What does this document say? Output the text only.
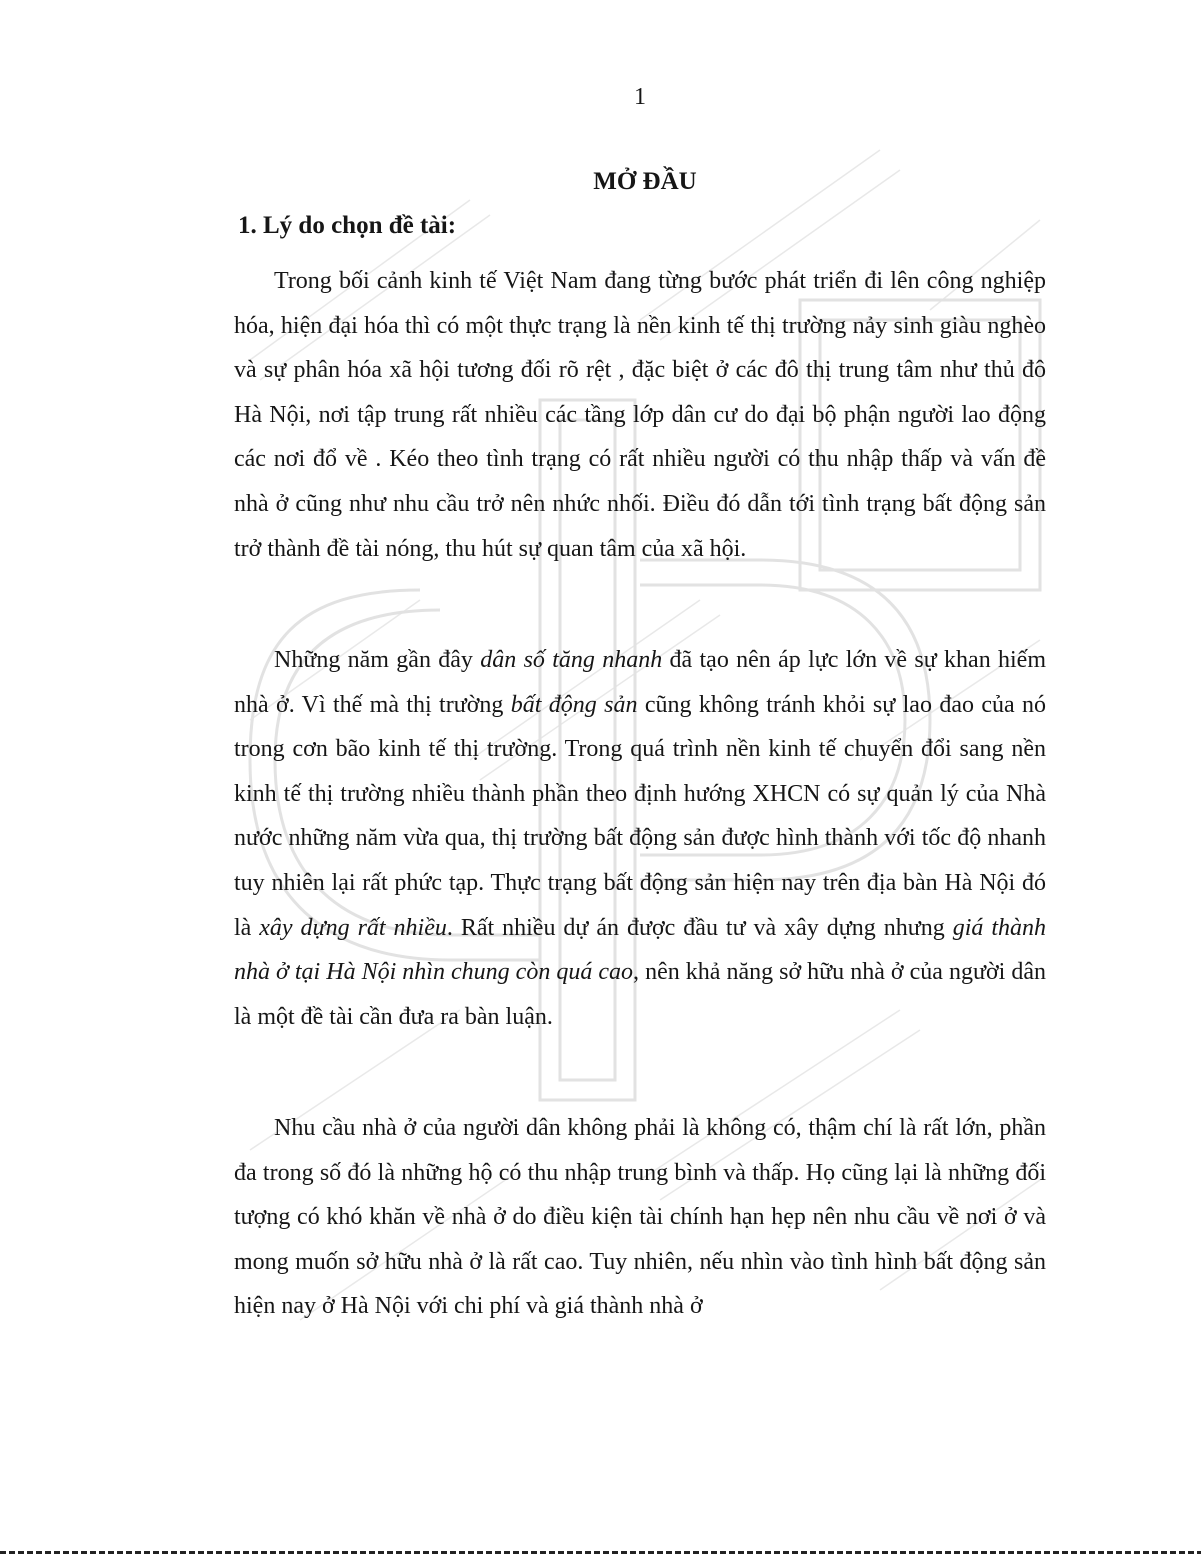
1
MỞ ĐẦU
1. Lý do chọn đề tài:

Trong bối cảnh kinh tế Việt Nam đang từng bước phát triển đi lên công nghiệp hóa, hiện đại hóa thì có một thực trạng là nền kinh tế thị trường nảy sinh giàu nghèo và sự phân hóa xã hội tương đối rõ rệt , đặc biệt ở các đô thị trung tâm như thủ đô Hà Nội, nơi tập trung rất nhiều các tầng lớp dân cư do đại bộ phận người lao động các nơi đổ về . Kéo theo tình trạng có rất nhiều người có thu nhập thấp và vấn đề nhà ở cũng như nhu cầu trở nên nhức nhối. Điều đó dẫn tới tình trạng bất động sản trở thành đề tài nóng, thu hút sự quan tâm của xã hội.

Những năm gần đây dân số tăng nhanh đã tạo nên áp lực lớn về sự khan hiếm nhà ở. Vì thế mà thị trường bất động sản cũng không tránh khỏi sự lao đao của nó trong cơn bão kinh tế thị trường. Trong quá trình nền kinh tế chuyển đổi sang nền kinh tế thị trường nhiều thành phần theo định hướng XHCN có sự quản lý của Nhà nước những năm vừa qua, thị trường bất động sản được hình thành với tốc độ nhanh tuy nhiên lại rất phức tạp. Thực trạng bất động sản hiện nay trên địa bàn Hà Nội đó là xây dựng rất nhiều. Rất nhiều dự án được đầu tư và xây dựng nhưng giá thành nhà ở tại Hà Nội nhìn chung còn quá cao, nên khả năng sở hữu nhà ở của người dân là một đề tài cần đưa ra bàn luận.

Nhu cầu nhà ở của người dân không phải là không có, thậm chí là rất lớn, phần đa trong số đó là những hộ có thu nhập trung bình và thấp. Họ cũng lại là những đối tượng có khó khăn về nhà ở do điều kiện tài chính hạn hẹp nên nhu cầu về nơi ở và mong muốn sở hữu nhà ở là rất cao. Tuy nhiên, nếu nhìn vào tình hình bất động sản hiện nay ở Hà Nội với chi phí và giá thành nhà ở
